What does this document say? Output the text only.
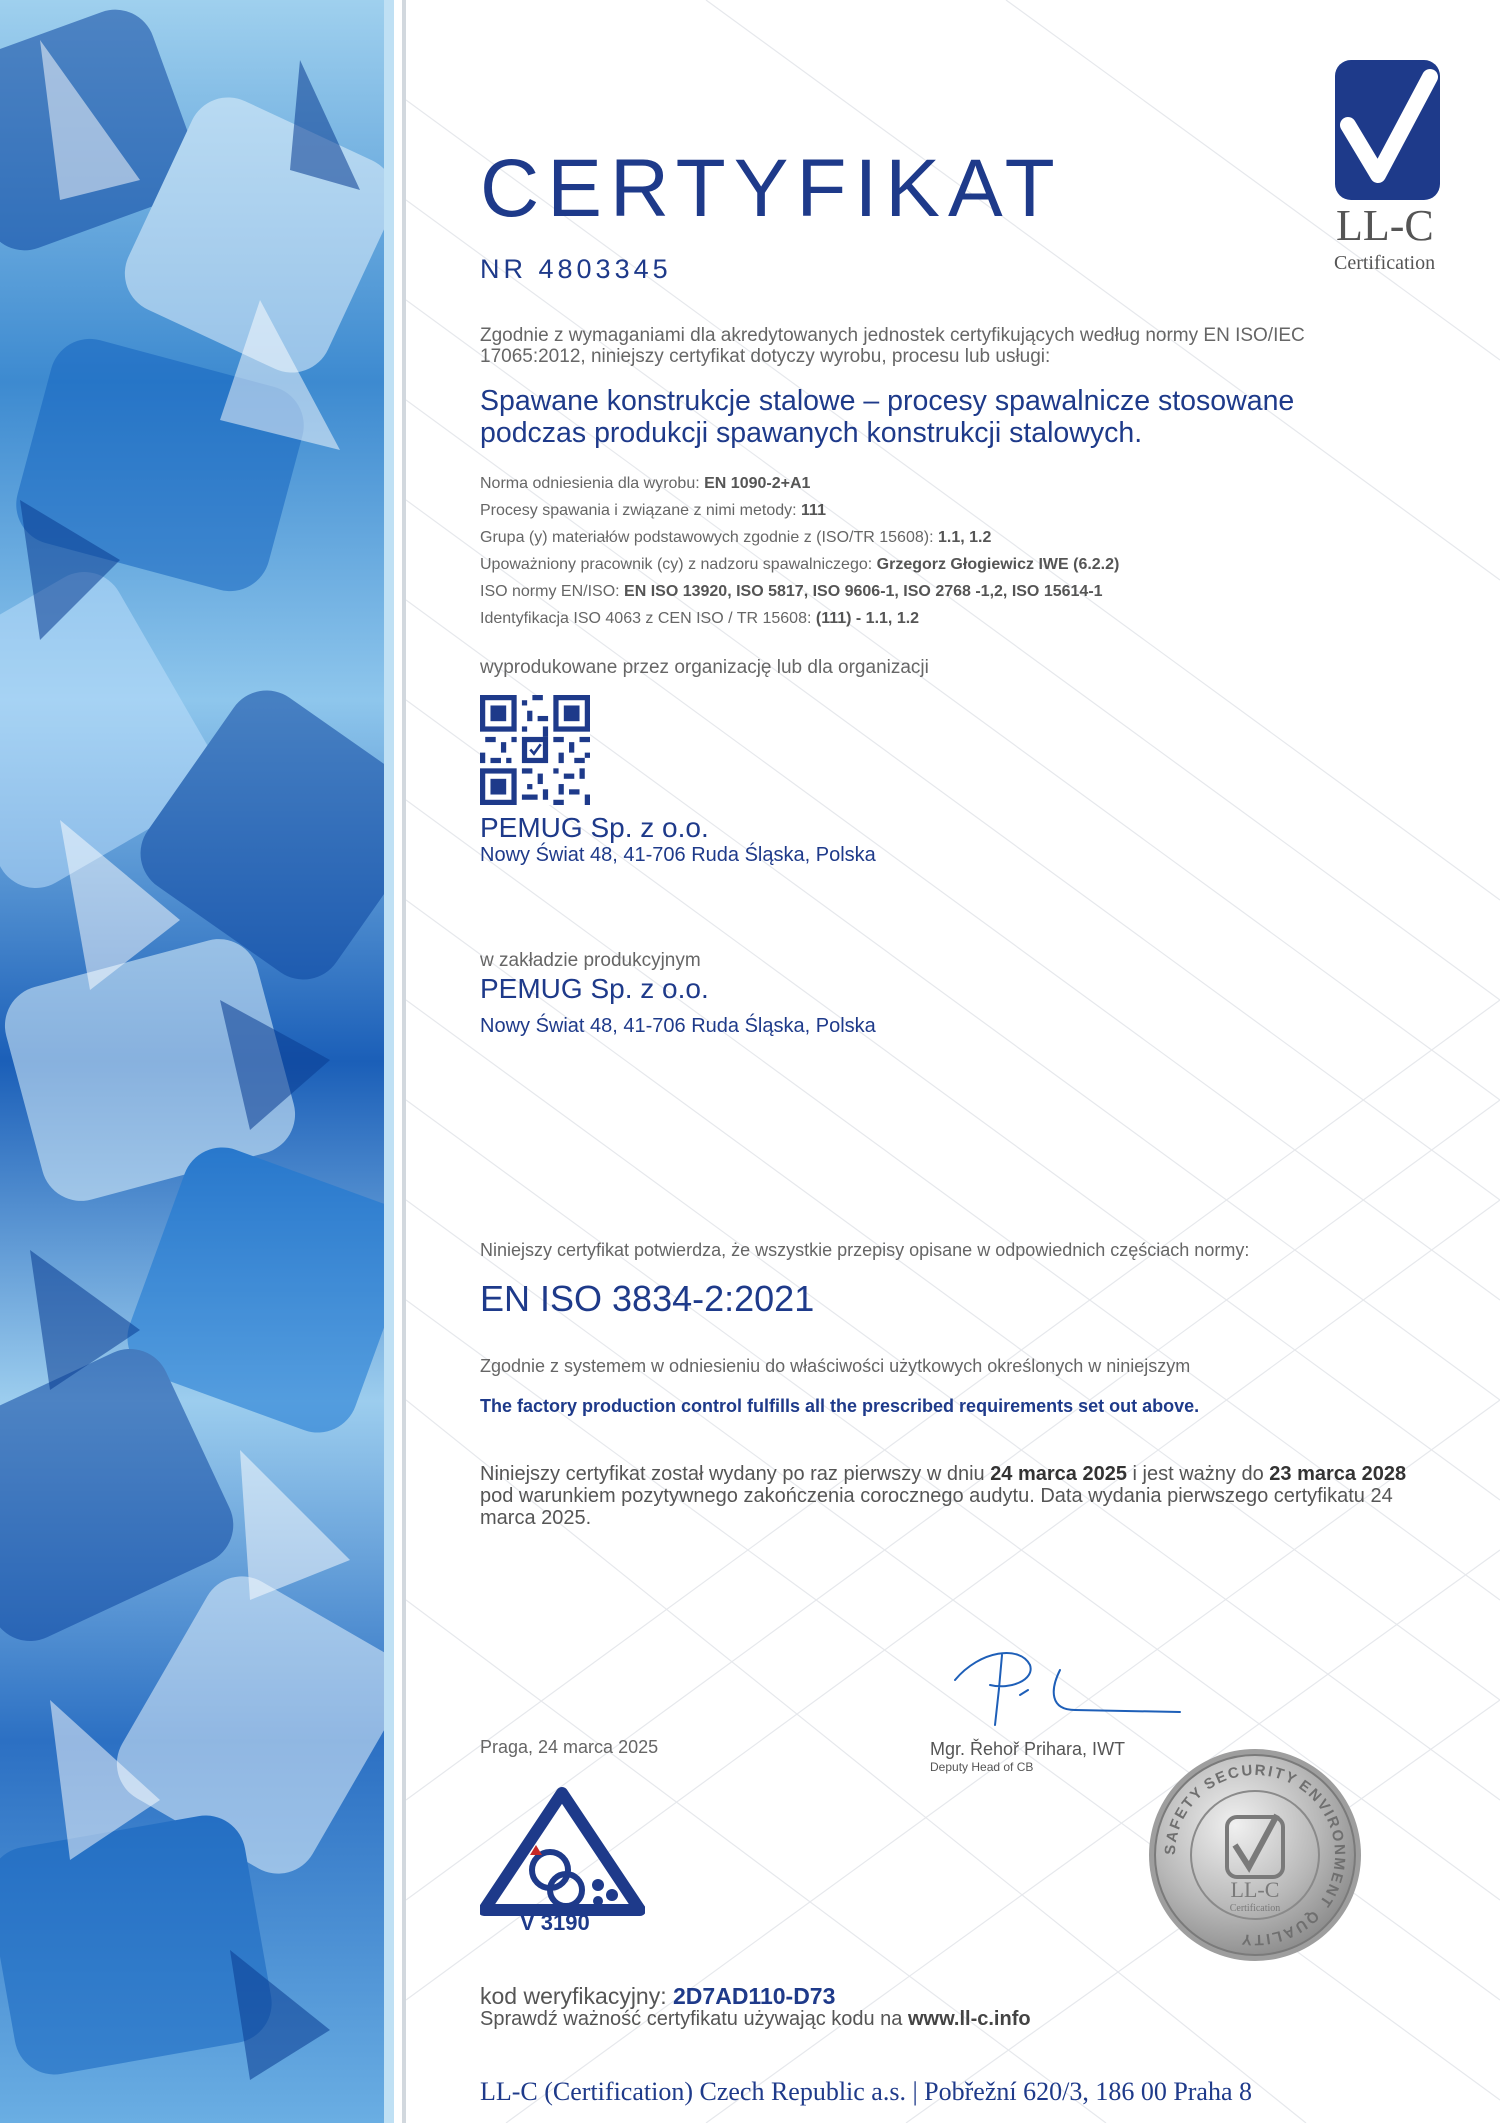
LL-C
Certification
CERTYFIKAT
NR 4803345
Zgodnie z wymaganiami dla akredytowanych jednostek certyfikujących według normy EN ISO/IEC 17065:2012, niniejszy certyfikat dotyczy wyrobu, procesu lub usługi:
Spawane konstrukcje stalowe – procesy spawalnicze stosowane podczas produkcji spawanych konstrukcji stalowych.
Norma odniesienia dla wyrobu: EN 1090-2+A1
Procesy spawania i związane z nimi metody: 111
Grupa (y) materiałów podstawowych zgodnie z (ISO/TR 15608): 1.1, 1.2
Upoważniony pracownik (cy) z nadzoru spawalniczego: Grzegorz Głogiewicz IWE (6.2.2)
ISO normy EN/ISO: EN ISO 13920, ISO 5817, ISO 9606-1, ISO 2768 -1,2, ISO 15614-1
Identyfikacja ISO 4063 z CEN ISO / TR 15608: (111) - 1.1, 1.2
wyprodukowane przez organizację lub dla organizacji
PEMUG Sp. z o.o.
Nowy Świat 48, 41-706 Ruda Śląska, Polska
w zakładzie produkcyjnym
PEMUG Sp. z o.o.
Nowy Świat 48, 41-706 Ruda Śląska, Polska
Niniejszy certyfikat potwierdza, że wszystkie przepisy opisane w odpowiednich częściach normy:
EN ISO 3834-2:2021
Zgodnie z systemem w odniesieniu do właściwości użytkowych określonych w niniejszym
The factory production control fulfills all the prescribed requirements set out above.
Niniejszy certyfikat został wydany po raz pierwszy w dniu 24 marca 2025 i jest ważny do 23 marca 2028 pod warunkiem pozytywnego zakończenia corocznego audytu. Data wydania pierwszego certyfikatu 24 marca 2025.
Praga, 24 marca 2025	Mgr. Řehoř Prihara, IWT
Deputy Head of CB
V 3190
SAFETY
SECURITY
ENVIRONMENT
QUALITY
LL-C
Certification
kod weryfikacyjny: 2D7AD110-D73
Sprawdź ważność certyfikatu używając kodu na www.ll-c.info
LL-C (Certification) Czech Republic a.s. | Pobřežní 620/3, 186 00 Praha 8
